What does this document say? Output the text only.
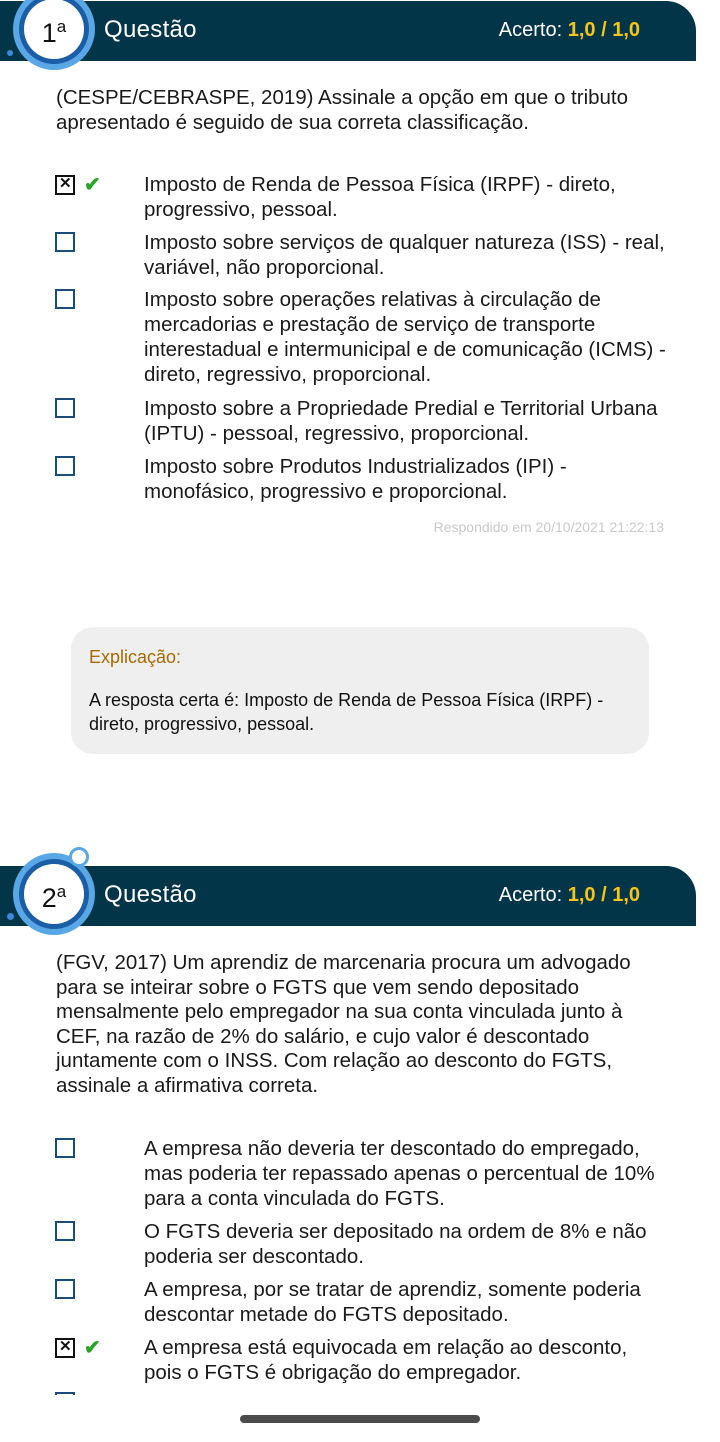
Questão	Acerto: 1,0 / 1,0
1$^a$
(CESPE/CEBRASPE, 2019) Assinale a opção em que o tributo apresentado é seguido de sua correta classificação.
✕
✔ Imposto de Renda de Pessoa Física (IRPF) - direto, progressivo, pessoal.
Imposto sobre serviços de qualquer natureza (ISS) - real, variável, não proporcional.
Imposto sobre operações relativas à circulação de mercadorias e prestação de serviço de transporte interestadual e intermunicipal e de comunicação (ICMS) - direto, regressivo, proporcional.
Imposto sobre a Propriedade Predial e Territorial Urbana (IPTU) - pessoal, regressivo, proporcional.
Imposto sobre Produtos Industrializados (IPI) - monofásico, progressivo e proporcional.
Respondido em 20/10/2021 21:22:13
Explicação:
A resposta certa é: Imposto de Renda de Pessoa Física (IRPF) - direto, progressivo, pessoal.
Questão	Acerto: 1,0 / 1,0
2$^a$
(FGV, 2017) Um aprendiz de marcenaria procura um advogado para se inteirar sobre o FGTS que vem sendo depositado mensalmente pelo empregador na sua conta vinculada junto à CEF, na razão de 2% do salário, e cujo valor é descontado juntamente com o INSS. Com relação ao desconto do FGTS, assinale a afirmativa correta.
A empresa não deveria ter descontado do empregado, mas poderia ter repassado apenas o percentual de 10% para a conta vinculada do FGTS.
O FGTS deveria ser depositado na ordem de 8% e não poderia ser descontado.
A empresa, por se tratar de aprendiz, somente poderia descontar metade do FGTS depositado.
✕
✔ A empresa está equivocada em relação ao desconto, pois o FGTS é obrigação do empregador.
